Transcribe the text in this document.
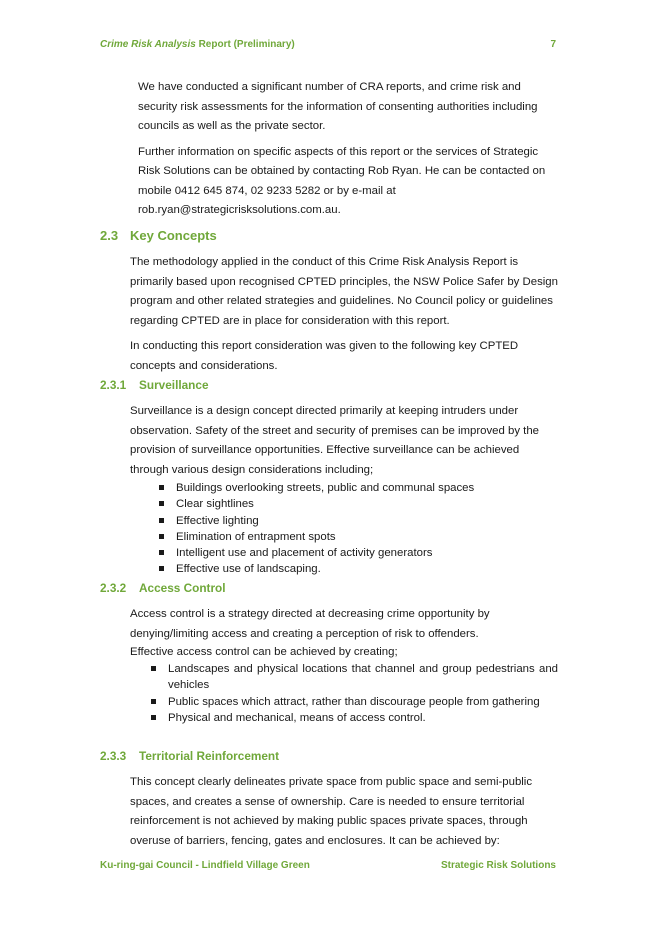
Crime Risk Analysis Report (Preliminary)	7

We have conducted a significant number of CRA reports, and crime risk and security risk assessments for the information of consenting authorities including councils as well as the private sector.

Further information on specific aspects of this report or the services of Strategic Risk Solutions can be obtained by contacting Rob Ryan. He can be contacted on mobile 0412 645 874, 02 9233 5282 or by e-mail at rob.ryan@strategicrisksolutions.com.au.

2.3 Key Concepts

The methodology applied in the conduct of this Crime Risk Analysis Report is primarily based upon recognised CPTED principles, the NSW Police Safer by Design program and other related strategies and guidelines. No Council policy or guidelines regarding CPTED are in place for consideration with this report.

In conducting this report consideration was given to the following key CPTED concepts and considerations.

2.3.1 Surveillance

Surveillance is a design concept directed primarily at keeping intruders under observation. Safety of the street and security of premises can be improved by the provision of surveillance opportunities. Effective surveillance can be achieved through various design considerations including;

Buildings overlooking streets, public and communal spaces
Clear sightlines
Effective lighting
Elimination of entrapment spots
Intelligent use and placement of activity generators
Effective use of landscaping.
2.3.2 Access Control

Access control is a strategy directed at decreasing crime opportunity by denying/limiting access and creating a perception of risk to offenders.

Effective access control can be achieved by creating;

Landscapes and physical locations that channel and group pedestrians and vehicles
Public spaces which attract, rather than discourage people from gathering
Physical and mechanical, means of access control.
2.3.3 Territorial Reinforcement

This concept clearly delineates private space from public space and semi-public spaces, and creates a sense of ownership. Care is needed to ensure territorial reinforcement is not achieved by making public spaces private spaces, through overuse of barriers, fencing, gates and enclosures. It can be achieved by:

Ku-ring-gai Council - Lindfield Village Green	Strategic Risk Solutions
